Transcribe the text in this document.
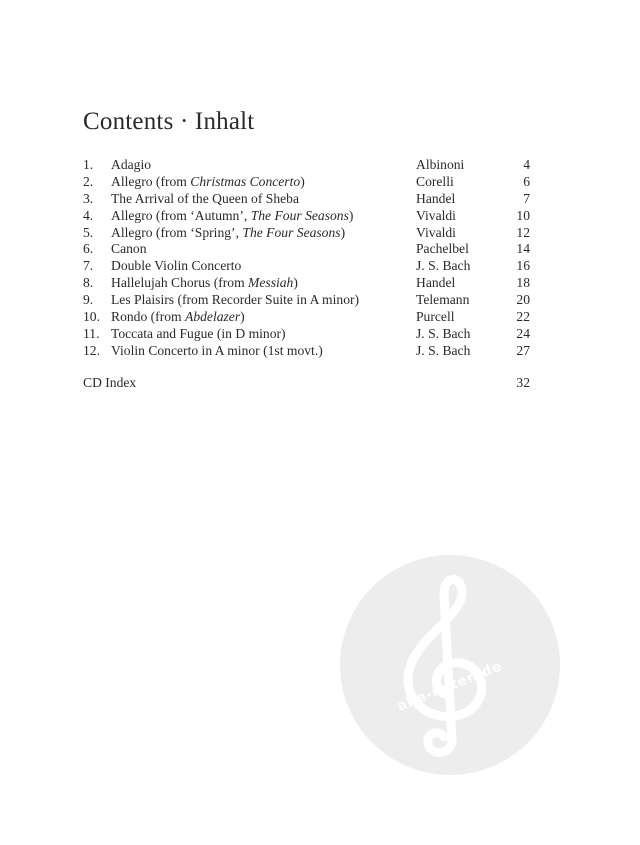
Contents · Inhalt
1. Adagio	Albinoni	4
2. Allegro (from Christmas Concerto)	Corelli	6
3. The Arrival of the Queen of Sheba	Handel	7
4. Allegro (from ‘Autumn’, The Four Seasons)	Vivaldi	10
5. Allegro (from ‘Spring’, The Four Seasons)	Vivaldi	12
6. Canon	Pachelbel	14
7. Double Violin Concerto	J. S. Bach	16
8. Hallelujah Chorus (from Messiah)	Handel	18
9. Les Plaisirs (from Recorder Suite in A minor)	Telemann	20
10. Rondo (from Abdelazer)	Purcell	22
11. Toccata and Fugue (in D minor)	J. S. Bach	24
12. Violin Concerto in A minor (1st movt.)	J. S. Bach	27
CD Index	32
alle-noten.de
